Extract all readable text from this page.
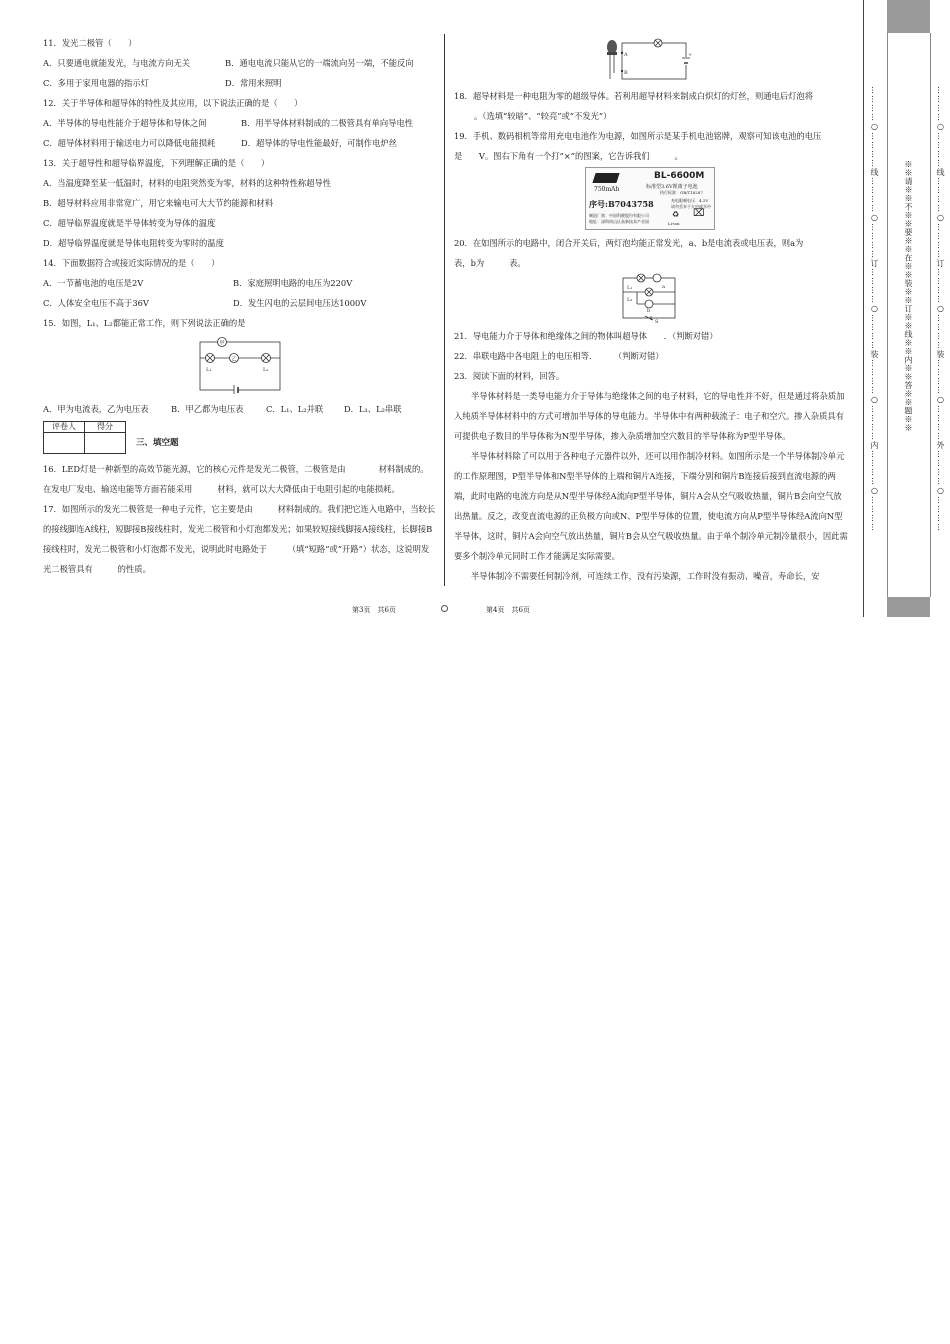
11．发光二极管（　　）
A．只要通电就能发光，与电流方向无关	B．通电电流只能从它的一端流向另一端，不能反向
C．多用于家用电器的指示灯	D．常用来照明
12．关于半导体和超导体的特性及其应用，以下说法正确的是（　　）
A．半导体的导电性能介于超导体和导体之间	B．用半导体材料制成的二极管具有单向导电性
C．超导体材料用于输送电力可以降低电能损耗	D．超导体的导电性能最好，可制作电炉丝
13．关于超导性和超导临界温度，下列理解正确的是（　　）
A．当温度降至某一低温时，材料的电阻突然变为零，材料的这种特性称超导性
B．超导材料应用非常宽广，用它来输电可大大节约能源和材料
C．超导临界温度就是半导体转变为导体的温度
D．超导临界温度就是导体电阻转变为零时的温度
14．下面数据符合或接近实际情况的是（　　）
A．一节蓄电池的电压是2V	B．家庭照明电路的电压为220V
C．人体安全电压不高于36V	D．发生闪电的云层间电压达1000V
15．如图，L₁、L₂都能正常工作，则下列说法正确的是
甲
乙
L₁	L₂
A．甲为电流表，乙为电压表	B．甲乙都为电压表	C．L₁、L₂并联	D．L₁、L₂串联
评卷人	得分

三、填空题
16．LED灯是一种新型的高效节能光源，它的核心元件是发光二极管，二极管是由　　　　材料制成的。在发电厂发电、输送电能等方面若能采用　　　材料，就可以大大降低由于电阻引起的电能损耗。
17．如图所示的发光二极管是一种电子元件，它主要是由　　　材料制成的。我们把它连入电路中，当较长的接线脚连A线柱，短脚接B接线柱时，发光二极管和小灯泡都发光；如果较短接线脚接A接线柱，长脚接B接线柱时，发光二极管和小灯泡都不发光，说明此时电路处于　　　（填“短路”或“开路”）状态，这说明发光二极管具有　　　的性质。
A
B
+
18．超导材料是一种电阻为零的超级导体。若利用超导材料来制成白炽灯的灯丝，则通电后灯泡将
。（选填“较暗”、“较亮”或“不发光”）
19．手机、数码相机等常用充电电池作为电源，如图所示是某手机电池铭牌，观察可知该电池的电压
是　　V。图右下角有一个打“×”的图案，它告诉我们　　　。
750mAh
BL-6600M
标准型3.6V锂离子电池
执行标准：GB/T18287
序号:B7043758	充电限制电压：4.2V
请勿丢弃于火中或水中
制造厂商：中国科健股份有限公司
地址：深圳南山区高新技术产业园
♻
Li-ion
⌧
20．在如图所示的电路中，闭合开关后，两灯泡均能正常发光，a、b是电流表或电压表，则a为
表，b为　　　表。
L₁
L₂
a
b
S
21．导电能力介于导体和绝缘体之间的物体叫超导体　　．（判断对错）
22．串联电路中各电阻上的电压相等．　　　（判断对错）
23．阅读下面的材料，回答。
半导体材料是一类导电能力介于导体与绝缘体之间的电子材料，它的导电性并不好，但是通过将杂质加入纯质半导体材料中的方式可增加半导体的导电能力。半导体中有两种载流子：电子和空穴。掺入杂质具有可提供电子数目的半导体称为N型半导体，掺入杂质增加空穴数目的半导体称为P型半导体。
半导体材料除了可以用于各种电子元器件以外，还可以用作制冷材料。如图所示是一个半导体制冷单元的工作原理图，P型半导体和N型半导体的上端和铜片A连接，下端分别和铜片B连接后接到直流电源的两端，此时电路的电流方向是从N型半导体经A流向P型半导体，铜片A会从空气吸收热量，铜片B会向空气放出热量。反之，改变直流电源的正负极方向或N、P型半导体的位置，使电流方向从P型半导体经A流向N型半导体，这时，铜片A会向空气放出热量，铜片B会从空气吸收热量。由于单个制冷单元制冷量很小，因此需要多个制冷单元同时工作才能满足实际需要。
半导体制冷不需要任何制冷剂，可连续工作，没有污染源，工作时没有振动、噪音，寿命长，安
第3页　共6页	第4页　共6页
…………○…………线…………○…………订…………○…………装…………○…………内…………○…………	※※请※※不※※要※※在※※装※※订※※线※※内※※答※※题※※	…………○…………线…………○…………订…………○…………装…………○…………外…………○…………
